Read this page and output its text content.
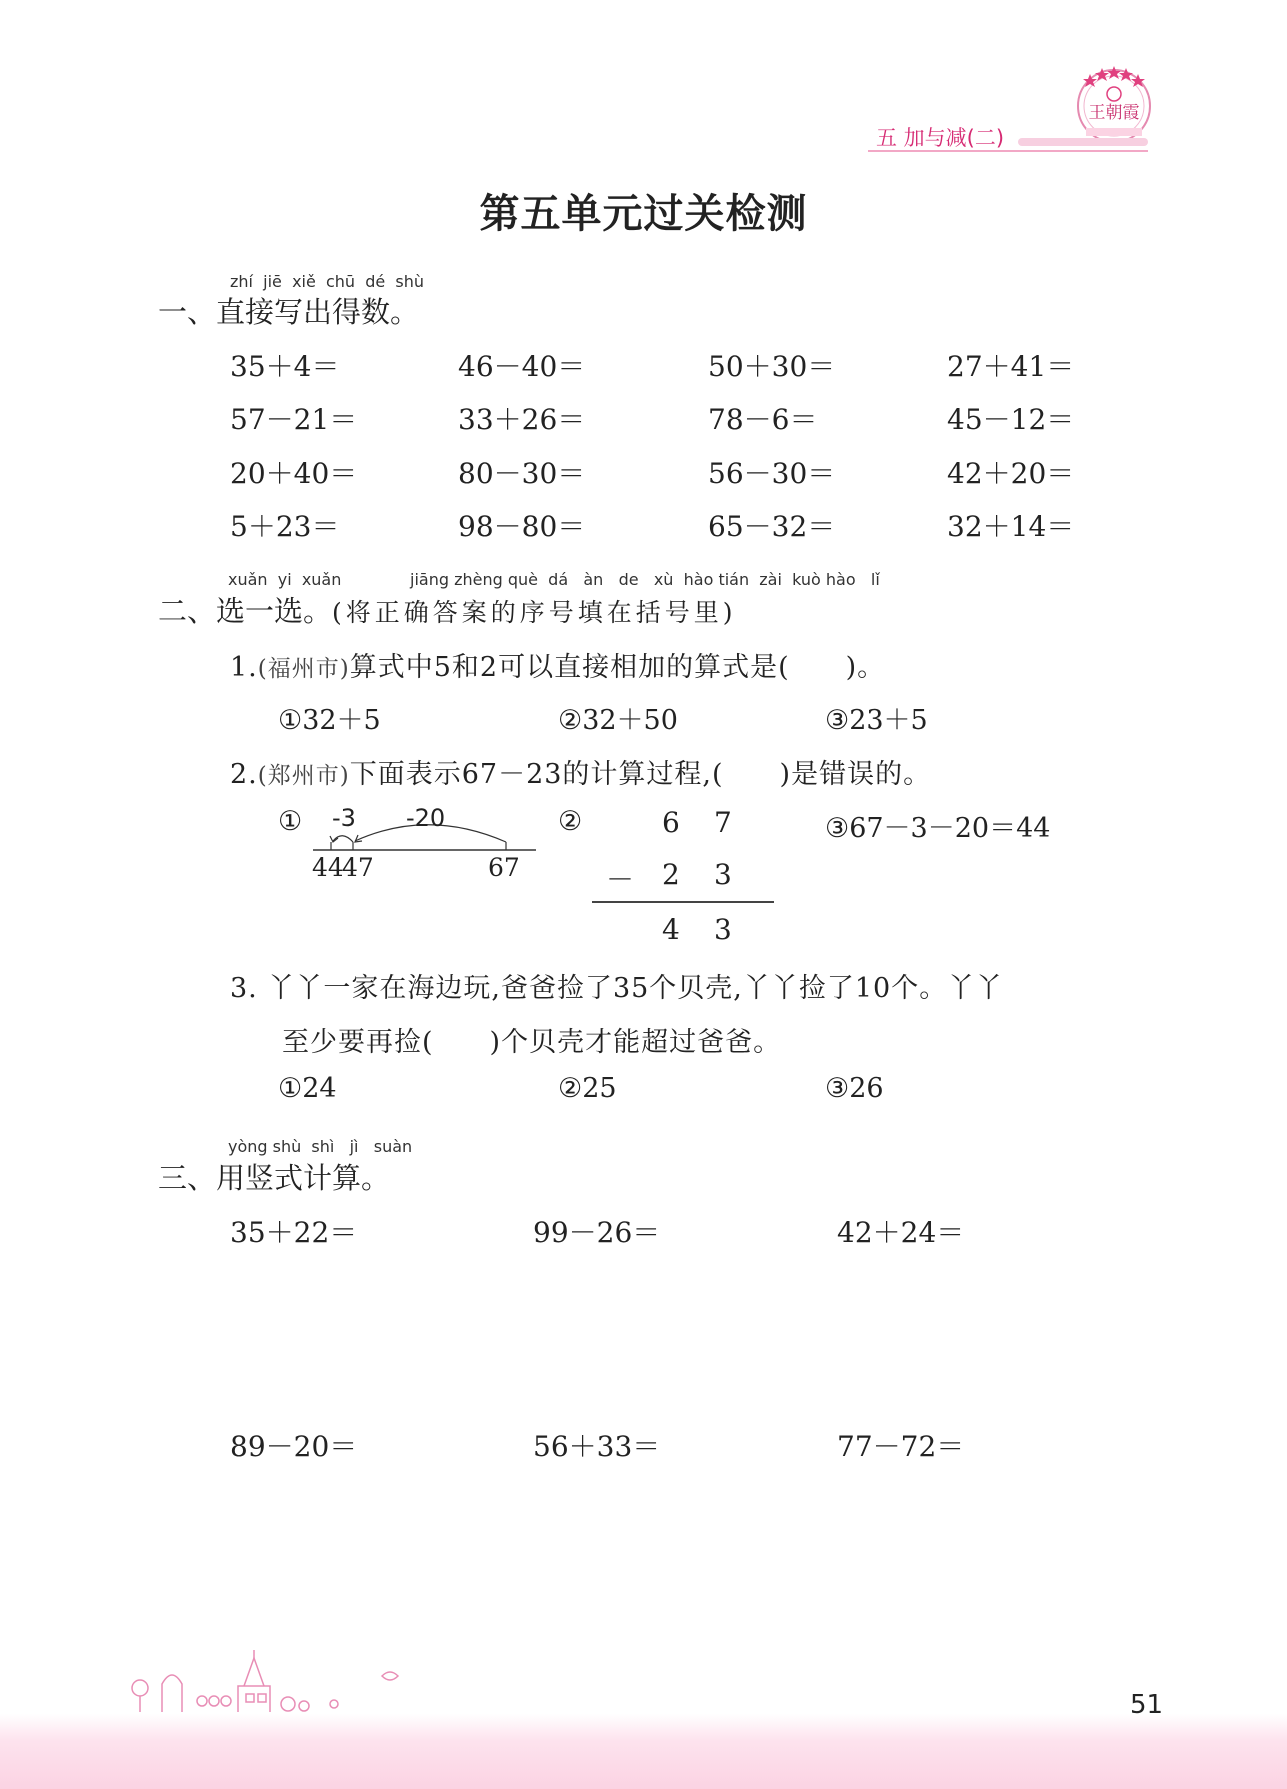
王朝霞
五 加与减(二)
第五单元过关检测
zhí  jiē  xiě  chū  dé  shù
一、直接写出得数。
35＋4＝	46－40＝	50＋30＝	27＋41＝
57－21＝	33＋26＝	78－6＝	45－12＝
20＋40＝	80－30＝	56－30＝	42＋20＝
5＋23＝	98－80＝	65－32＝	32＋14＝
xuǎn  yi  xuǎn	jiāng zhèng què  dá   àn   de   xù  hào tián  zài  kuò hào   lǐ
二、选一选。(将正确答案的序号填在括号里)
1.(福州市)算式中5和2可以直接相加的算式是(　　)。
①32＋5	②32＋50	③23＋5
2.(郑州市)下面表示67－23的计算过程,(　　)是错误的。
① -3 -20
44
47	67
②	6 7
－ 2 3
4 3
③67－3－20＝44
3. 丫丫一家在海边玩,爸爸捡了35个贝壳,丫丫捡了10个。丫丫
至少要再捡(　　)个贝壳才能超过爸爸。
①24	②25	③26
yòng shù  shì   jì   suàn
三、用竖式计算。
35＋22＝	99－26＝	42＋24＝
89－20＝	56＋33＝	77－72＝
51
